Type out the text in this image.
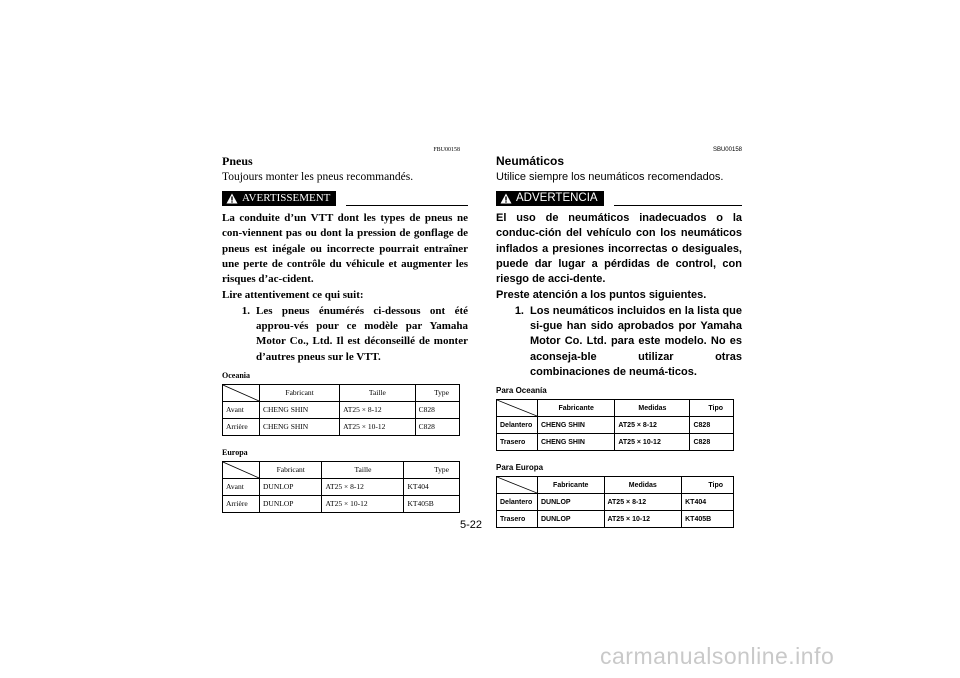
FBU00158

Pneus

Toujours monter les pneus recommandés.

AVERTISSEMENT

La conduite d’un VTT dont les types de pneus ne con-viennent pas ou dont la pression de gonflage de pneus est inégale ou incorrecte pourrait entraîner une perte de contrôle du véhicule et augmenter les risques d’ac-cident.

Lire attentivement ce qui suit:

1. Les pneus énumérés ci-dessous ont été approu-vés pour ce modèle par Yamaha Motor Co., Ltd. Il est déconseillé de monter d’autres pneus sur le VTT.
Oceania
	Fabricant	Taille	Type
Avant	CHENG SHIN	AT25 × 8-12	C828
Arrière	CHENG SHIN	AT25 × 10-12	C828
Europa
	Fabricant	Taille	Type
Avant	DUNLOP	AT25 × 8-12	KT404
Arrière	DUNLOP	AT25 × 10-12	KT405B
SBU00158

Neumáticos

Utilice siempre los neumáticos recomendados.

ADVERTENCIA

El uso de neumáticos inadecuados o la conduc-ción del vehículo con los neumáticos inflados a presiones incorrectas o desiguales, puede dar lugar a pérdidas de control, con riesgo de acci-dente.

Preste atención a los puntos siguientes.

1. Los neumáticos incluidos en la lista que si-gue han sido aprobados por Yamaha Motor Co. Ltd. para este modelo. No es aconseja-ble utilizar otras combinaciones de neumá-ticos.
Para Oceanía
	Fabricante	Medidas	Tipo
Delantero	CHENG SHIN	AT25 × 8-12	C828
Trasero	CHENG SHIN	AT25 × 10-12	C828
Para Europa
	Fabricante	Medidas	Tipo
Delantero	DUNLOP	AT25 × 8-12	KT404
Trasero	DUNLOP	AT25 × 10-12	KT405B
5-22
carmanualsonline.info
